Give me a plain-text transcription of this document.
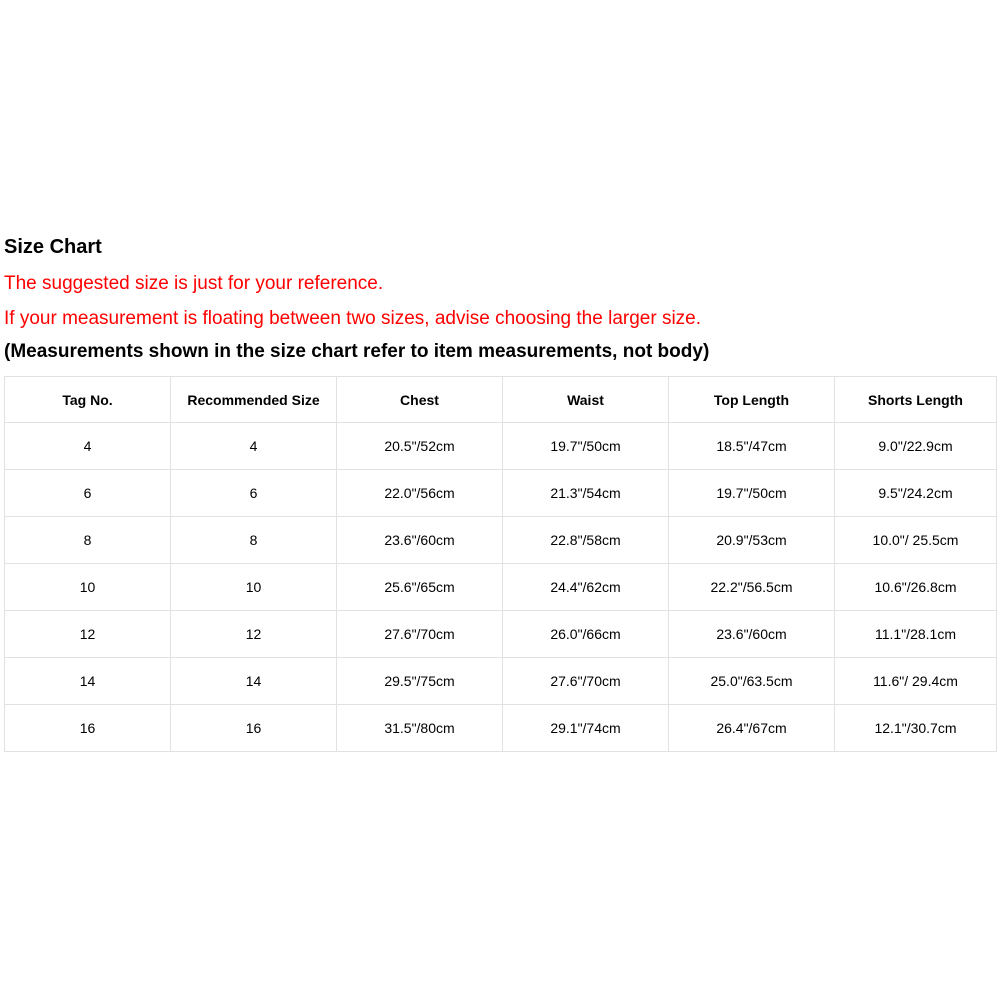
Size Chart
The suggested size is just for your reference.
If your measurement is floating between two sizes, advise choosing the larger size.
(Measurements shown in the size chart refer to item measurements, not body)
Tag No.	Recommended Size	Chest	Waist	Top Length	Shorts Length
4	4	20.5"/52cm	19.7"/50cm	18.5"/47cm	9.0"/22.9cm
6	6	22.0"/56cm	21.3"/54cm	19.7"/50cm	9.5"/24.2cm
8	8	23.6"/60cm	22.8"/58cm	20.9"/53cm	10.0"/ 25.5cm
10	10	25.6"/65cm	24.4"/62cm	22.2"/56.5cm	10.6"/26.8cm
12	12	27.6"/70cm	26.0"/66cm	23.6"/60cm	11.1"/28.1cm
14	14	29.5"/75cm	27.6"/70cm	25.0"/63.5cm	11.6"/ 29.4cm
16	16	31.5"/80cm	29.1"/74cm	26.4"/67cm	12.1"/30.7cm
